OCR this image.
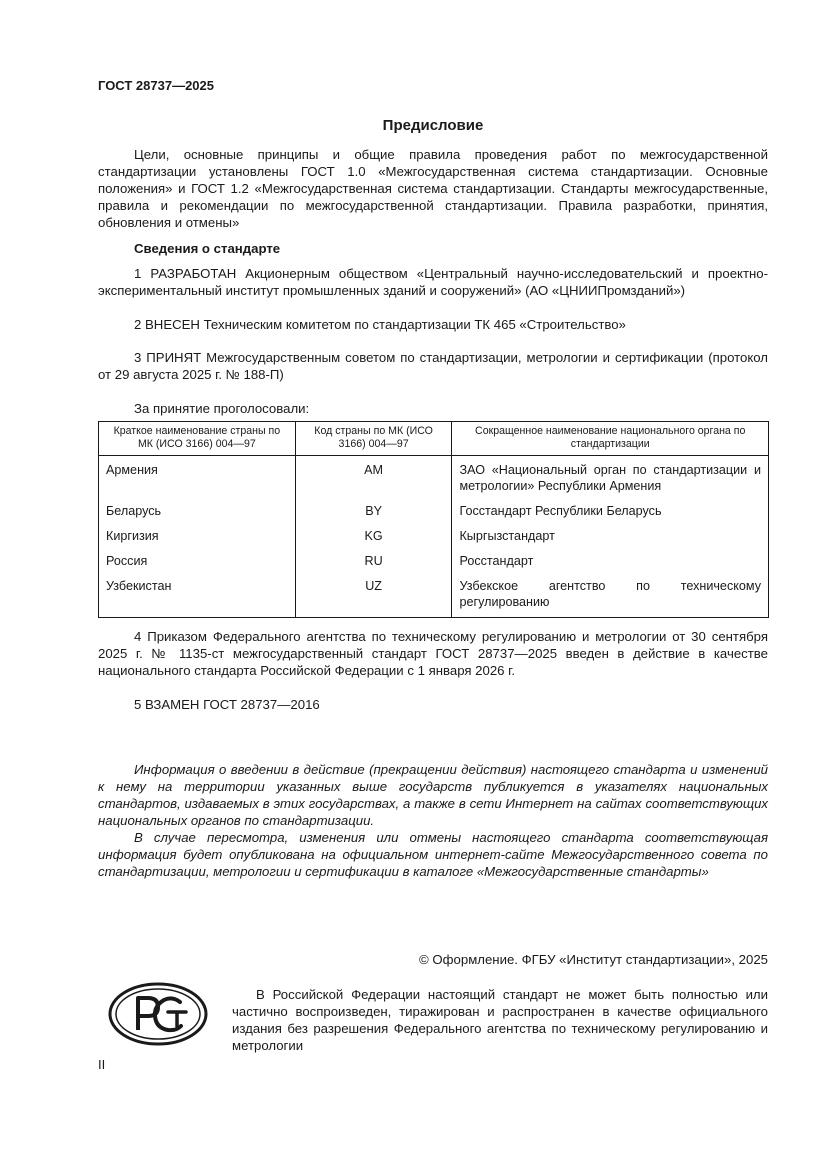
ГОСТ 28737—2025
Предисловие

Цели, основные принципы и общие правила проведения работ по межгосударственной стандартизации установлены ГОСТ 1.0 «Межгосударственная система стандартизации. Основные положения» и ГОСТ 1.2 «Межгосударственная система стандартизации. Стандарты межгосударственные, правила и рекомендации по межгосударственной стандартизации. Правила разработки, принятия, обновления и отмены»

Сведения о стандарте

1 РАЗРАБОТАН Акционерным обществом «Центральный научно-исследовательский и проектно-экспериментальный институт промышленных зданий и сооружений» (АО «ЦНИИПромзданий»)

2 ВНЕСЕН Техническим комитетом по стандартизации ТК 465 «Строительство»

3 ПРИНЯТ Межгосударственным советом по стандартизации, метрологии и сертификации (протокол от 29 августа 2025 г. № 188-П)

За принятие проголосовали:

Краткое наименование страны по МК (ИСО 3166) 004—97	Код страны по МК (ИСО 3166) 004—97	Сокращенное наименование национального органа по стандартизации
Армения	AM	ЗАО «Национальный орган по стандартизации и метрологии» Республики Армения
Беларусь	BY	Госстандарт Республики Беларусь
Киргизия	KG	Кыргызстандарт
Россия	RU	Росстандарт
Узбекистан	UZ	Узбекское агентство по техническому регулированию

4 Приказом Федерального агентства по техническому регулированию и метрологии от 30 сентября 2025 г. № 1135-ст межгосударственный стандарт ГОСТ 28737—2025 введен в действие в качестве национального стандарта Российской Федерации с 1 января 2026 г.

5 ВЗАМЕН ГОСТ 28737—2016

Информация о введении в действие (прекращении действия) настоящего стандарта и изменений к нему на территории указанных выше государств публикуется в указателях национальных стандартов, издаваемых в этих государствах, а также в сети Интернет на сайтах соответствующих национальных органов по стандартизации.

В случае пересмотра, изменения или отмены настоящего стандарта соответствующая информация будет опубликована на официальном интернет-сайте Межгосударственного совета по стандартизации, метрологии и сертификации в каталоге «Межгосударственные стандарты»

© Оформление. ФГБУ «Институт стандартизации», 2025

В Российской Федерации настоящий стандарт не может быть полностью или частично воспроизведен, тиражирован и распространен в качестве официального издания без разрешения Федерального агентства по техническому регулированию и метрологии

II
